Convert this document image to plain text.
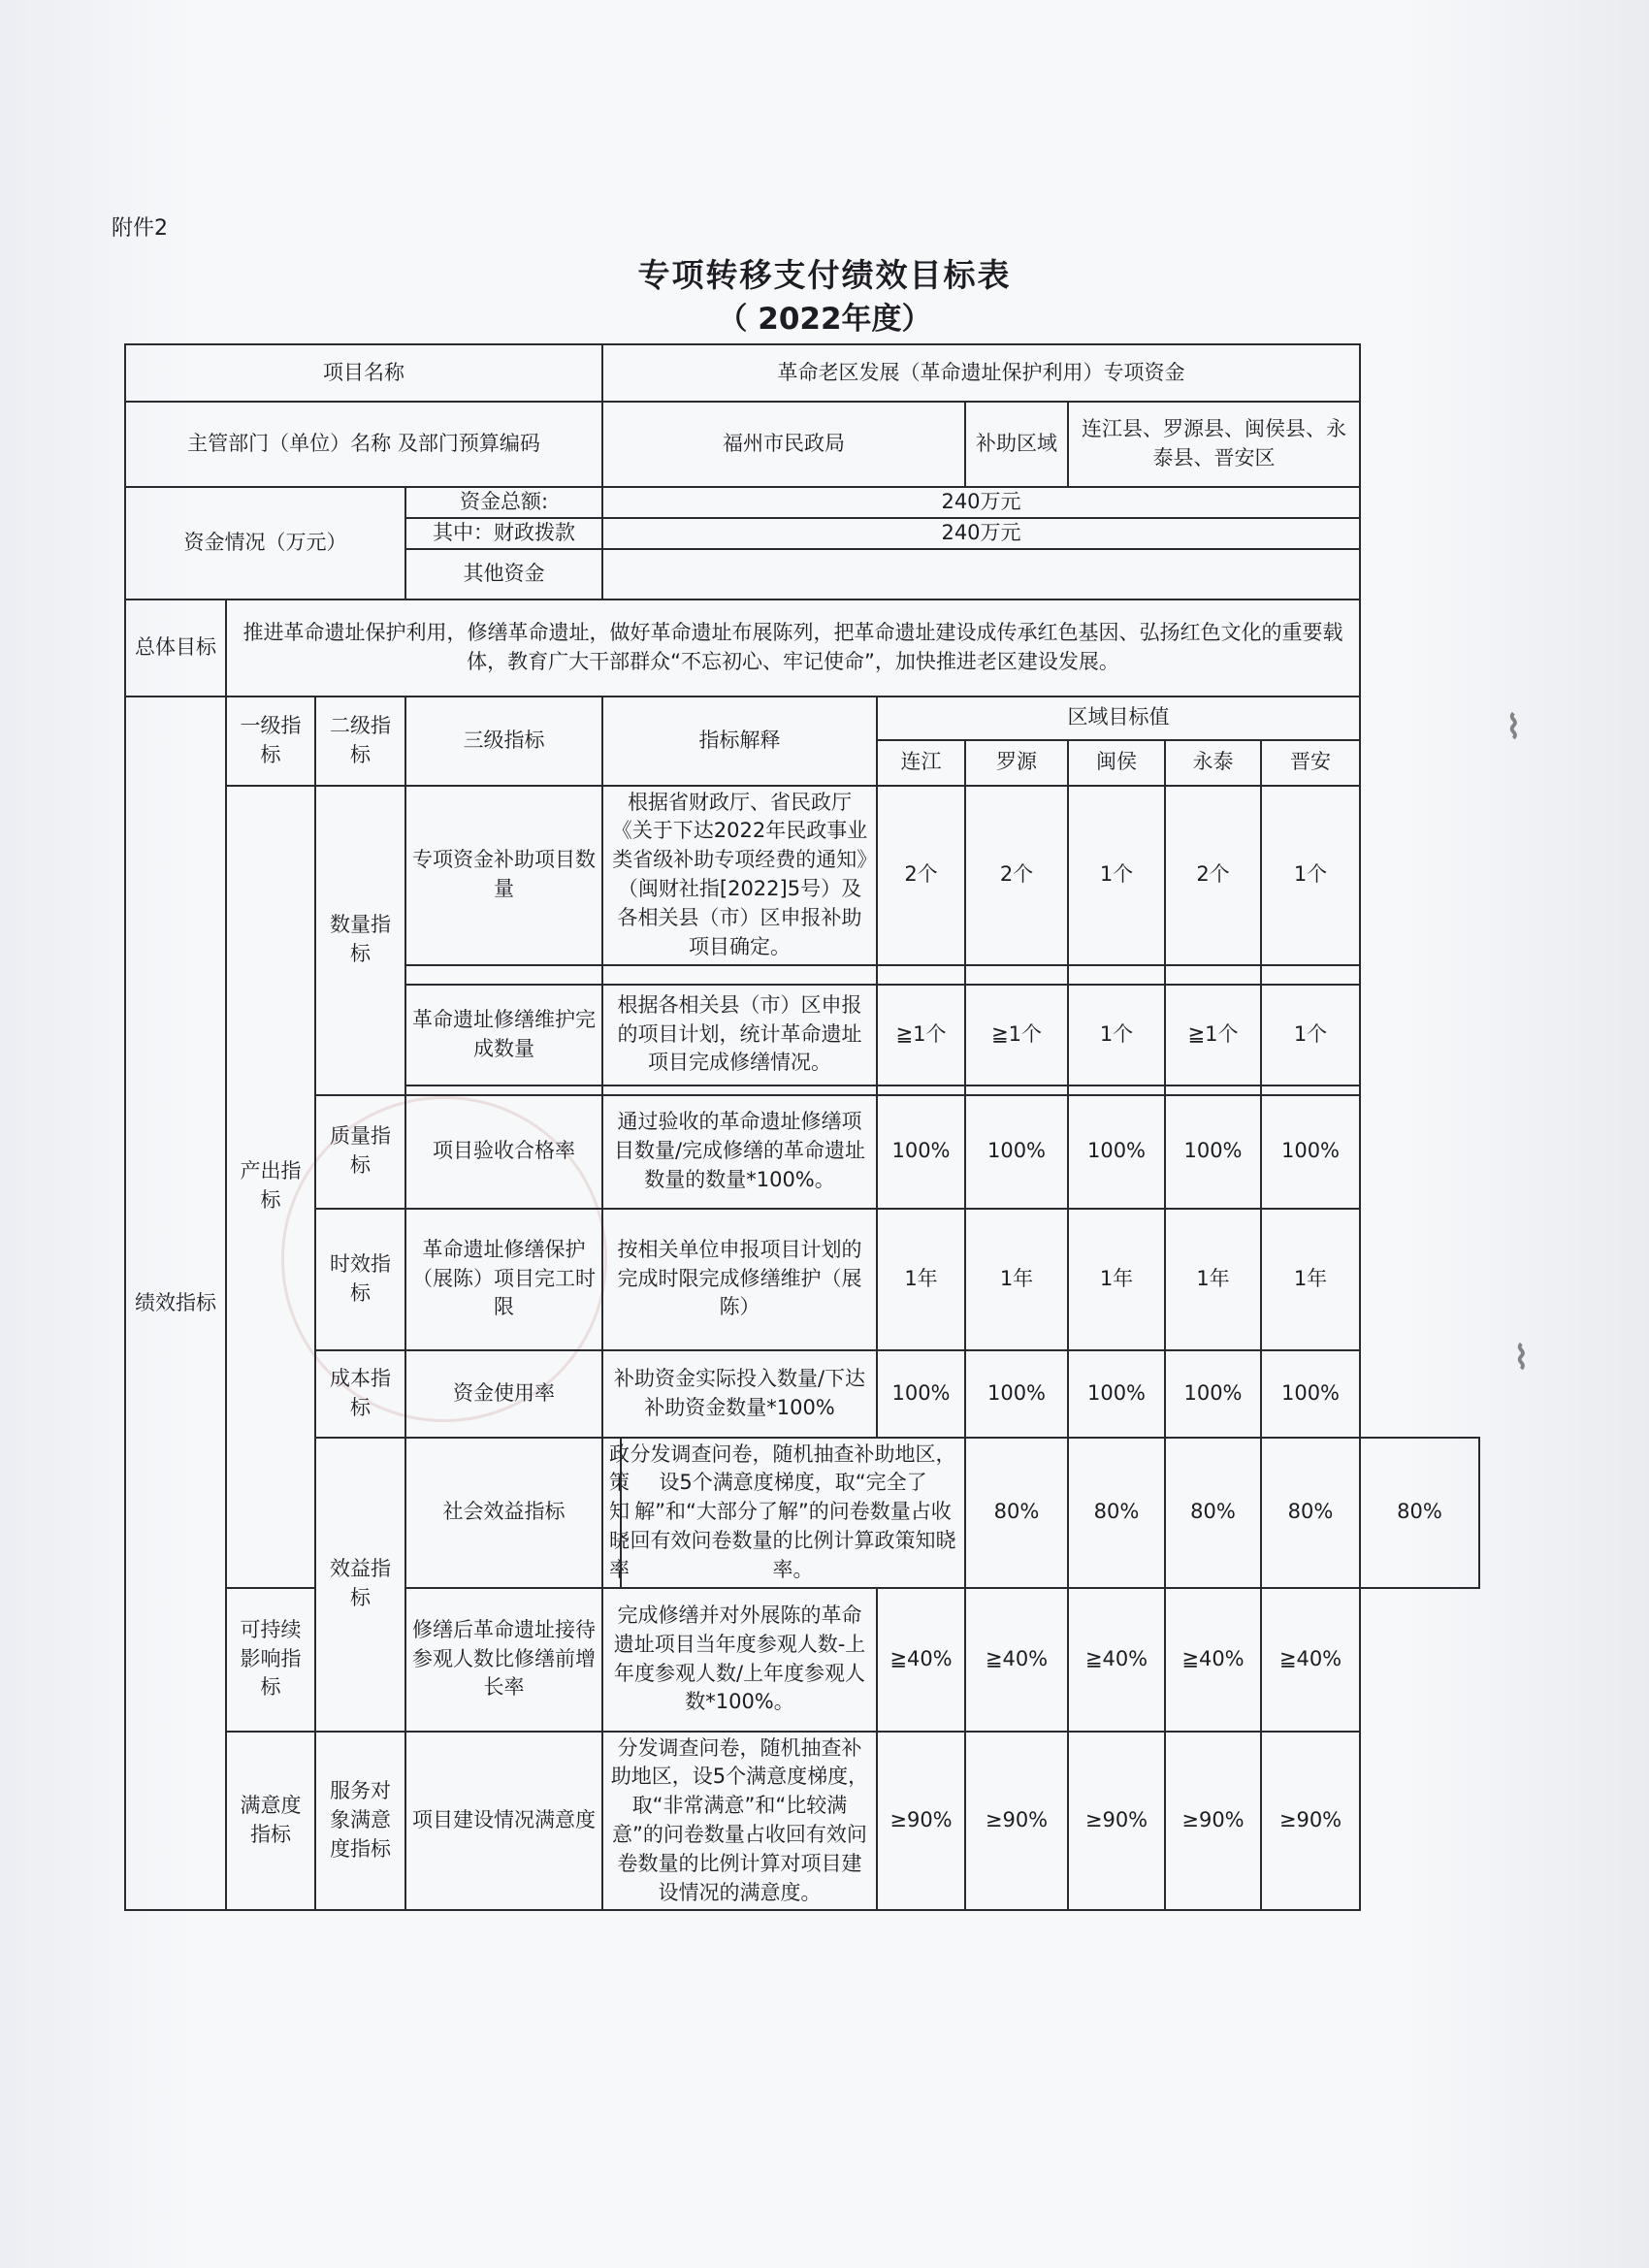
⌇
⌇
附件2
专项转移支付绩效目标表
（ 2022年度）
项目名称				革命老区发展（革命遗址保护利用）专项资金							
主管部门（单位）名称 及部门预算编码				福州市民政局			补助区域	连江县、罗源县、闽侯县、永泰县、晋安区			
资金情况（万元）			资金总额:	240万元							
			其中：财政拨款	240万元							
			其他资金								
总体目标	推进革命遗址保护利用，修缮革命遗址，做好革命遗址布展陈列，把革命遗址建设成传承红色基因、弘扬红色文化的重要载体，教育广大干部群众“不忘初心、牢记使命”，加快推进老区建设发展。										
绩效指标	一级指标	二级指标	三级指标	指标解释		区域目标值					
						连江	罗源	闽侯	永泰	晋安	
	产出指标	数量指标	专项资金补助项目数量	根据省财政厅、省民政厅《关于下达2022年民政事业类省级补助专项经费的通知》（闽财社指[2022]5号）及各相关县（市）区申报补助项目确定。		2个	2个	1个	2个	1个	

			革命遗址修缮维护完成数量	根据各相关县（市）区申报的项目计划，统计革命遗址项目完成修缮情况。		≧1个	≧1个	1个	≧1个	1个	

		质量指标	项目验收合格率	通过验收的革命遗址修缮项目数量/完成修缮的革命遗址数量的数量*100%。		100%	100%	100%	100%	100%	
		时效指标	革命遗址修缮保护（展陈）项目完工时限	按相关单位申报项目计划的完成时限完成修缮维护（展陈）		1年	1年	1年	1年	1年	
		成本指标	资金使用率	补助资金实际投入数量/下达补助资金数量*100%		100%	100%	100%	100%	100%	
		效益指标	社会效益指标	政策知晓率	分发调查问卷，随机抽查补助地区，设5个满意度梯度，取“完全了解”和“大部分了解”的问卷数量占收回有效问卷数量的比例计算政策知晓率。		80%	80%	80%	80%	80%
	可持续影响指标		修缮后革命遗址接待参观人数比修缮前增长率	完成修缮并对外展陈的革命遗址项目当年度参观人数-上年度参观人数/上年度参观人数*100%。		≧40%	≧40%	≧40%	≧40%	≧40%	
	满意度指标	服务对象满意度指标	项目建设情况满意度	分发调查问卷，随机抽查补助地区，设5个满意度梯度，取“非常满意”和“比较满意”的问卷数量占收回有效问卷数量的比例计算对项目建设情况的满意度。		≥90%	≥90%	≥90%	≥90%	≥90%	
